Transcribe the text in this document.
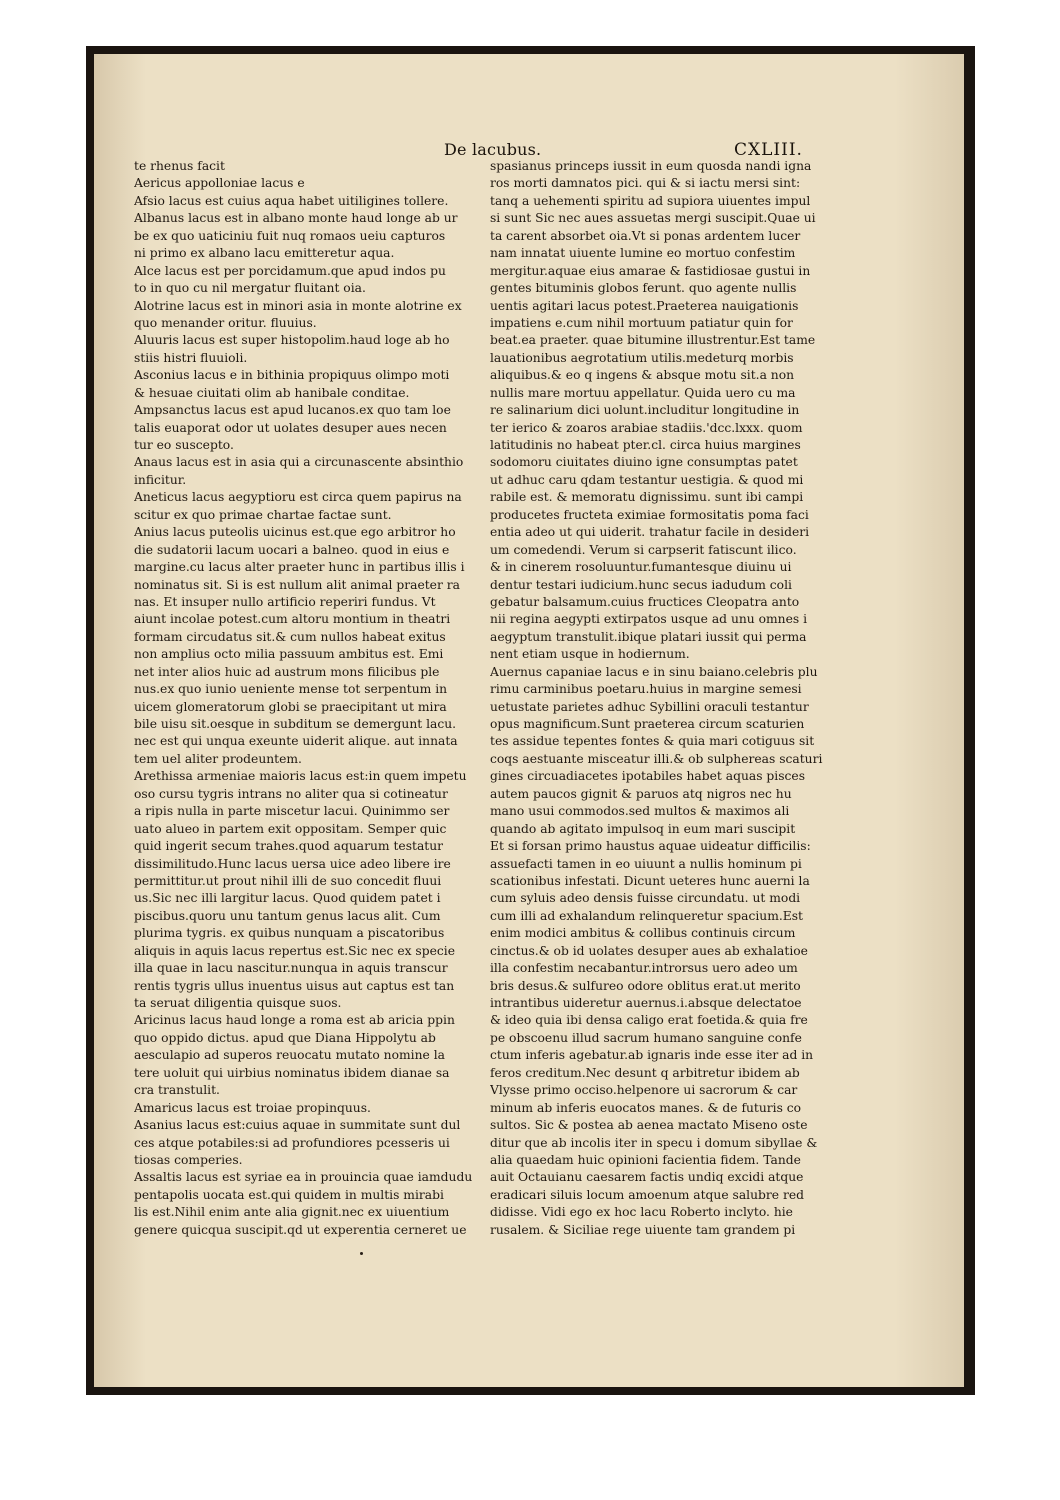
De lacubus.	CXLIII.
te rhenus facit
Aericus appolloniae lacus e
Afsio lacus est cuius aqua habet uitiligines tollere.
Albanus lacus est in albano monte haud longe ab ur
be ex quo uaticiniu fuit nuq romaos ueiu capturos
ni primo ex albano lacu emitteretur aqua.
Alce lacus est per porcidamum.que apud indos pu
to in quo cu nil mergatur fluitant oia.
Alotrine lacus est in minori asia in monte alotrine ex
quo menander oritur. fluuius.
Aluuris lacus est super histopolim.haud loge ab ho
stiis histri fluuioli.
Asconius lacus e in bithinia propiquus olimpo moti
& hesuae ciuitati olim ab hanibale conditae.
Ampsanctus lacus est apud lucanos.ex quo tam loe
talis euaporat odor ut uolates desuper aues necen
tur eo suscepto.
Anaus lacus est in asia qui a circunascente absinthio
inficitur.
Aneticus lacus aegyptioru est circa quem papirus na
scitur ex quo primae chartae factae sunt.
Anius lacus puteolis uicinus est.que ego arbitror ho
die sudatorii lacum uocari a balneo. quod in eius e
margine.cu lacus alter praeter hunc in partibus illis i
nominatus sit. Si is est nullum alit animal praeter ra
nas. Et insuper nullo artificio reperiri fundus. Vt
aiunt incolae potest.cum altoru montium in theatri
formam circudatus sit.& cum nullos habeat exitus
non amplius octo milia passuum ambitus est. Emi
net inter alios huic ad austrum mons filicibus ple
nus.ex quo iunio ueniente mense tot serpentum in
uicem glomeratorum globi se praecipitant ut mira
bile uisu sit.oesque in subditum se demergunt lacu.
nec est qui unqua exeunte uiderit alique. aut innata
tem uel aliter prodeuntem.
Arethissa armeniae maioris lacus est:in quem impetu
oso cursu tygris intrans no aliter qua si cotineatur
a ripis nulla in parte miscetur lacui. Quinimmo ser
uato alueo in partem exit oppositam. Semper quic
quid ingerit secum trahes.quod aquarum testatur
dissimilitudo.Hunc lacus uersa uice adeo libere ire
permittitur.ut prout nihil illi de suo concedit fluui
us.Sic nec illi largitur lacus. Quod quidem patet i
piscibus.quoru unu tantum genus lacus alit. Cum
plurima tygris. ex quibus nunquam a piscatoribus
aliquis in aquis lacus repertus est.Sic nec ex specie
illa quae in lacu nascitur.nunqua in aquis transcur
rentis tygris ullus inuentus uisus aut captus est tan
ta seruat diligentia quisque suos.
Aricinus lacus haud longe a roma est ab aricia ppin
quo oppido dictus. apud que Diana Hippolytu ab
aesculapio ad superos reuocatu mutato nomine la
tere uoluit qui uirbius nominatus ibidem dianae sa
cra transtulit.
Amaricus lacus est troiae propinquus.
Asanius lacus est:cuius aquae in summitate sunt dul
ces atque potabiles:si ad profundiores pcesseris ui
tiosas comperies.
Assaltis lacus est syriae ea in prouincia quae iamdudu
pentapolis uocata est.qui quidem in multis mirabi
lis est.Nihil enim ante alia gignit.nec ex uiuentium
genere quicqua suscipit.qd ut experentia cerneret ue
spasianus princeps iussit in eum quosda nandi igna
ros morti damnatos pici. qui & si iactu mersi sint:
tanq a uehementi spiritu ad supiora uiuentes impul
si sunt Sic nec aues assuetas mergi suscipit.Quae ui
ta carent absorbet oia.Vt si ponas ardentem lucer
nam innatat uiuente lumine eo mortuo confestim
mergitur.aquae eius amarae & fastidiosae gustui in
gentes bituminis globos ferunt. quo agente nullis
uentis agitari lacus potest.Praeterea nauigationis
impatiens e.cum nihil mortuum patiatur quin for
beat.ea praeter. quae bitumine illustrentur.Est tame
lauationibus aegrotatium utilis.medeturq morbis
aliquibus.& eo q ingens & absque motu sit.a non
nullis mare mortuu appellatur. Quida uero cu ma
re salinarium dici uolunt.includitur longitudine in
ter ierico & zoaros arabiae stadiis.'dcc.lxxx. quom
latitudinis no habeat pter.cl. circa huius margines
sodomoru ciuitates diuino igne consumptas patet
ut adhuc caru qdam testantur uestigia. & quod mi
rabile est. & memoratu dignissimu. sunt ibi campi
producetes fructeta eximiae formositatis poma faci
entia adeo ut qui uiderit. trahatur facile in desideri
um comedendi. Verum si carpserit fatiscunt ilico.
& in cinerem rosoluuntur.fumantesque diuinu ui
dentur testari iudicium.hunc secus iadudum coli
gebatur balsamum.cuius fructices Cleopatra anto
nii regina aegypti extirpatos usque ad unu omnes i
aegyptum transtulit.ibique platari iussit qui perma
nent etiam usque in hodiernum.
Auernus capaniae lacus e in sinu baiano.celebris plu
rimu carminibus poetaru.huius in margine semesi
uetustate parietes adhuc Sybillini oraculi testantur
opus magnificum.Sunt praeterea circum scaturien
tes assidue tepentes fontes & quia mari cotiguus sit
coqs aestuante misceatur illi.& ob sulphereas scaturi
gines circuadiacetes ipotabiles habet aquas pisces
autem paucos gignit & paruos atq nigros nec hu
mano usui commodos.sed multos & maximos ali
quando ab agitato impulsoq in eum mari suscipit
Et si forsan primo haustus aquae uideatur difficilis:
assuefacti tamen in eo uiuunt a nullis hominum pi
scationibus infestati. Dicunt ueteres hunc auerni la
cum syluis adeo densis fuisse circundatu. ut modi
cum illi ad exhalandum relinqueretur spacium.Est
enim modici ambitus & collibus continuis circum
cinctus.& ob id uolates desuper aues ab exhalatioe
illa confestim necabantur.introrsus uero adeo um
bris desus.& sulfureo odore oblitus erat.ut merito
intrantibus uideretur auernus.i.absque delectatoe
& ideo quia ibi densa caligo erat foetida.& quia fre
pe obscoenu illud sacrum humano sanguine confe
ctum inferis agebatur.ab ignaris inde esse iter ad in
feros creditum.Nec desunt q arbitretur ibidem ab
Vlysse primo occiso.helpenore ui sacrorum & car
minum ab inferis euocatos manes. & de futuris co
sultos. Sic & postea ab aenea mactato Miseno oste
ditur que ab incolis iter in specu i domum sibyllae &
alia quaedam huic opinioni facientia fidem. Tande
auit Octauianu caesarem factis undiq excidi atque
eradicari siluis locum amoenum atque salubre red
didisse. Vidi ego ex hoc lacu Roberto inclyto. hie
rusalem. & Siciliae rege uiuente tam grandem pi
